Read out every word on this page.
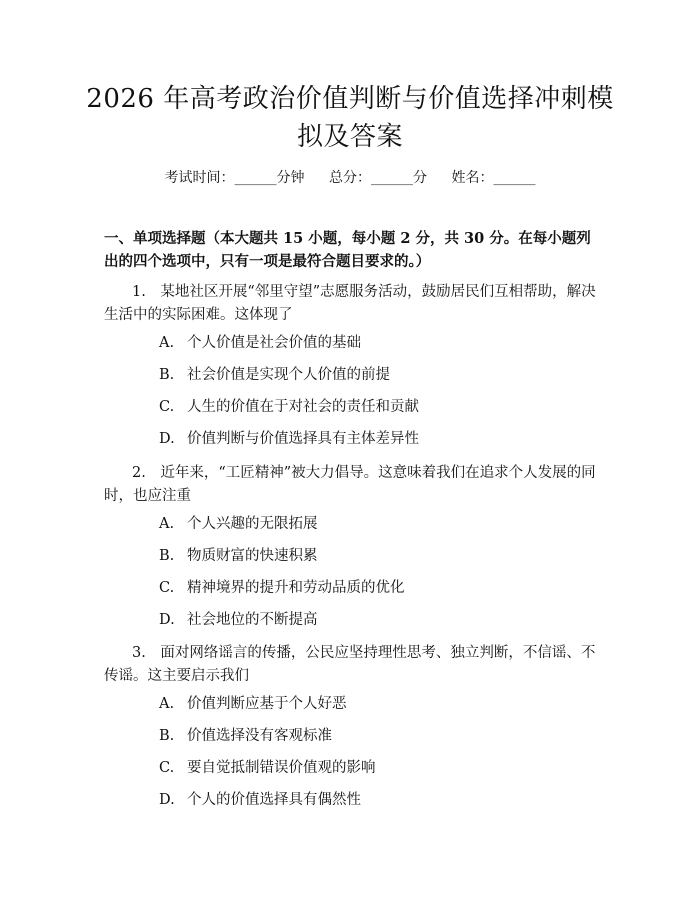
2026 年高考政治价值判断与价值选择冲刺模
拟及答案
考试时间：______分钟 总分：______分 姓名：______
一、单项选择题（本大题共 15 小题，每小题 2 分，共 30 分。在每小题列出的四个选项中，只有一项是最符合题目要求的。）
1.　某地社区开展“邻里守望”志愿服务活动，鼓励居民们互相帮助，解决生活中的实际困难。这体现了
A. 个人价值是社会价值的基础
B. 社会价值是实现个人价值的前提
C. 人生的价值在于对社会的责任和贡献
D. 价值判断与价值选择具有主体差异性
2.　近年来，“工匠精神”被大力倡导。这意味着我们在追求个人发展的同时，也应注重
A. 个人兴趣的无限拓展
B. 物质财富的快速积累
C. 精神境界的提升和劳动品质的优化
D. 社会地位的不断提高
3.　面对网络谣言的传播，公民应坚持理性思考、独立判断，不信谣、不传谣。这主要启示我们
A. 价值判断应基于个人好恶
B. 价值选择没有客观标准
C. 要自觉抵制错误价值观的影响
D. 个人的价值选择具有偶然性
